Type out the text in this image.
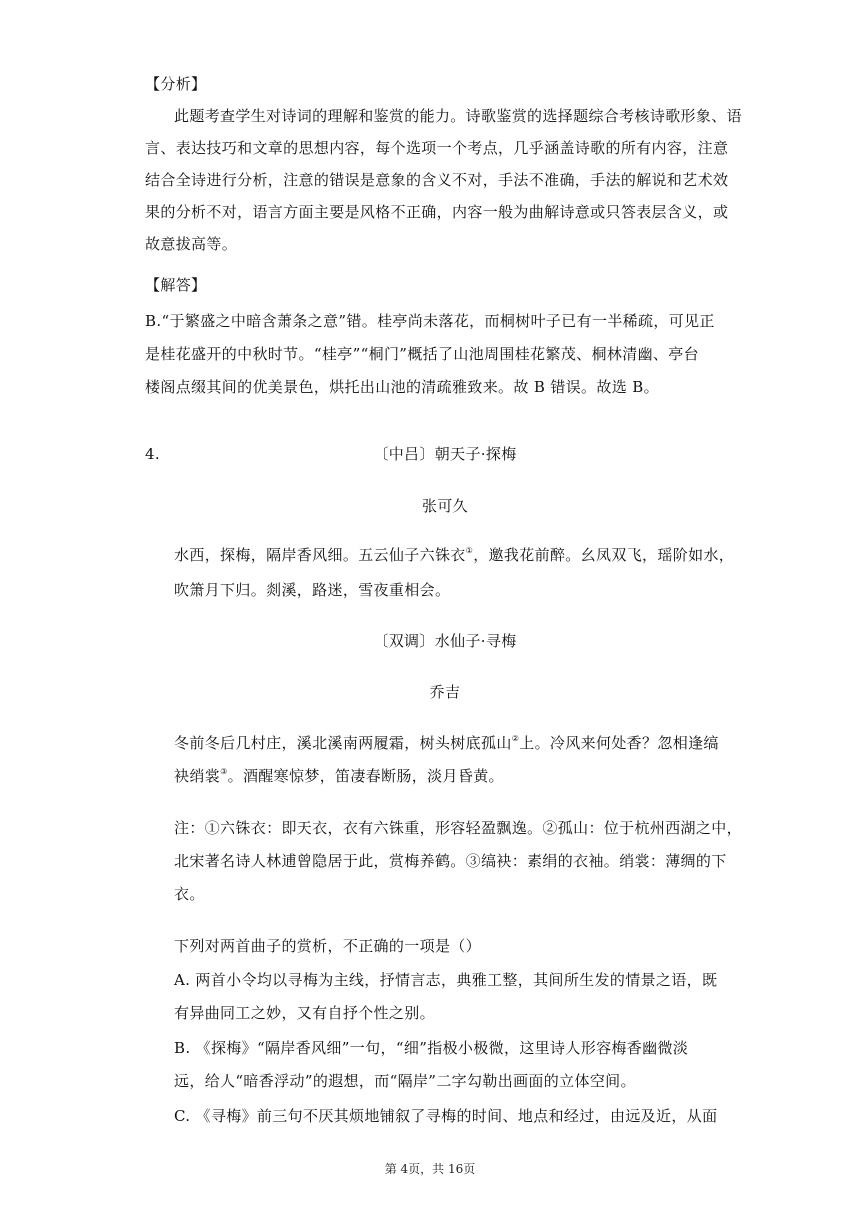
【分析】
此题考查学生对诗词的理解和鉴赏的能力。诗歌鉴赏的选择题综合考核诗歌形象、语
言、表达技巧和文章的思想内容，每个选项一个考点，几乎涵盖诗歌的所有内容，注意
结合全诗进行分析，注意的错误是意象的含义不对，手法不准确，手法的解说和艺术效
果的分析不对，语言方面主要是风格不正确，内容一般为曲解诗意或只答表层含义，或
故意拔高等。
【解答】
B.“于繁盛之中暗含萧条之意”错。桂亭尚未落花，而桐树叶子已有一半稀疏，可见正
是桂花盛开的中秋时节。“桂亭”“桐门”概括了山池周围桂花繁茂、桐林清幽、亭台
楼阁点缀其间的优美景色，烘托出山池的清疏雅致来。故 B 错误。故选 B。
4.	〔中吕〕朝天子·探梅
张可久
水西，探梅，隔岸香风细。五云仙子六铢衣①，邀我花前醉。幺凤双飞，瑶阶如水，
吹箫月下归。剡溪，路迷，雪夜重相会。
〔双调〕水仙子·寻梅
乔吉
冬前冬后几村庄，溪北溪南两履霜，树头树底孤山②上。冷风来何处香？忽相逢缟
袂绡裳③。酒醒寒惊梦，笛凄春断肠，淡月昏黄。
注：①六铢衣：即天衣，衣有六铢重，形容轻盈飘逸。②孤山：位于杭州西湖之中，
北宋著名诗人林逋曾隐居于此，赏梅养鹤。③缟袂：素绢的衣袖。绡裳：薄绸的下
衣。
下列对两首曲子的赏析，不正确的一项是（）
A. 两首小令均以寻梅为主线，抒情言志，典雅工整，其间所生发的情景之语，既
有异曲同工之妙，又有自抒个性之别。
B. 《探梅》“隔岸香风细”一句，“细”指极小极微，这里诗人形容梅香幽微淡
远，给人“暗香浮动”的遐想，而“隔岸”二字勾勒出画面的立体空间。
C. 《寻梅》前三句不厌其烦地铺叙了寻梅的时间、地点和经过，由远及近，从面
第 4页，共 16页
